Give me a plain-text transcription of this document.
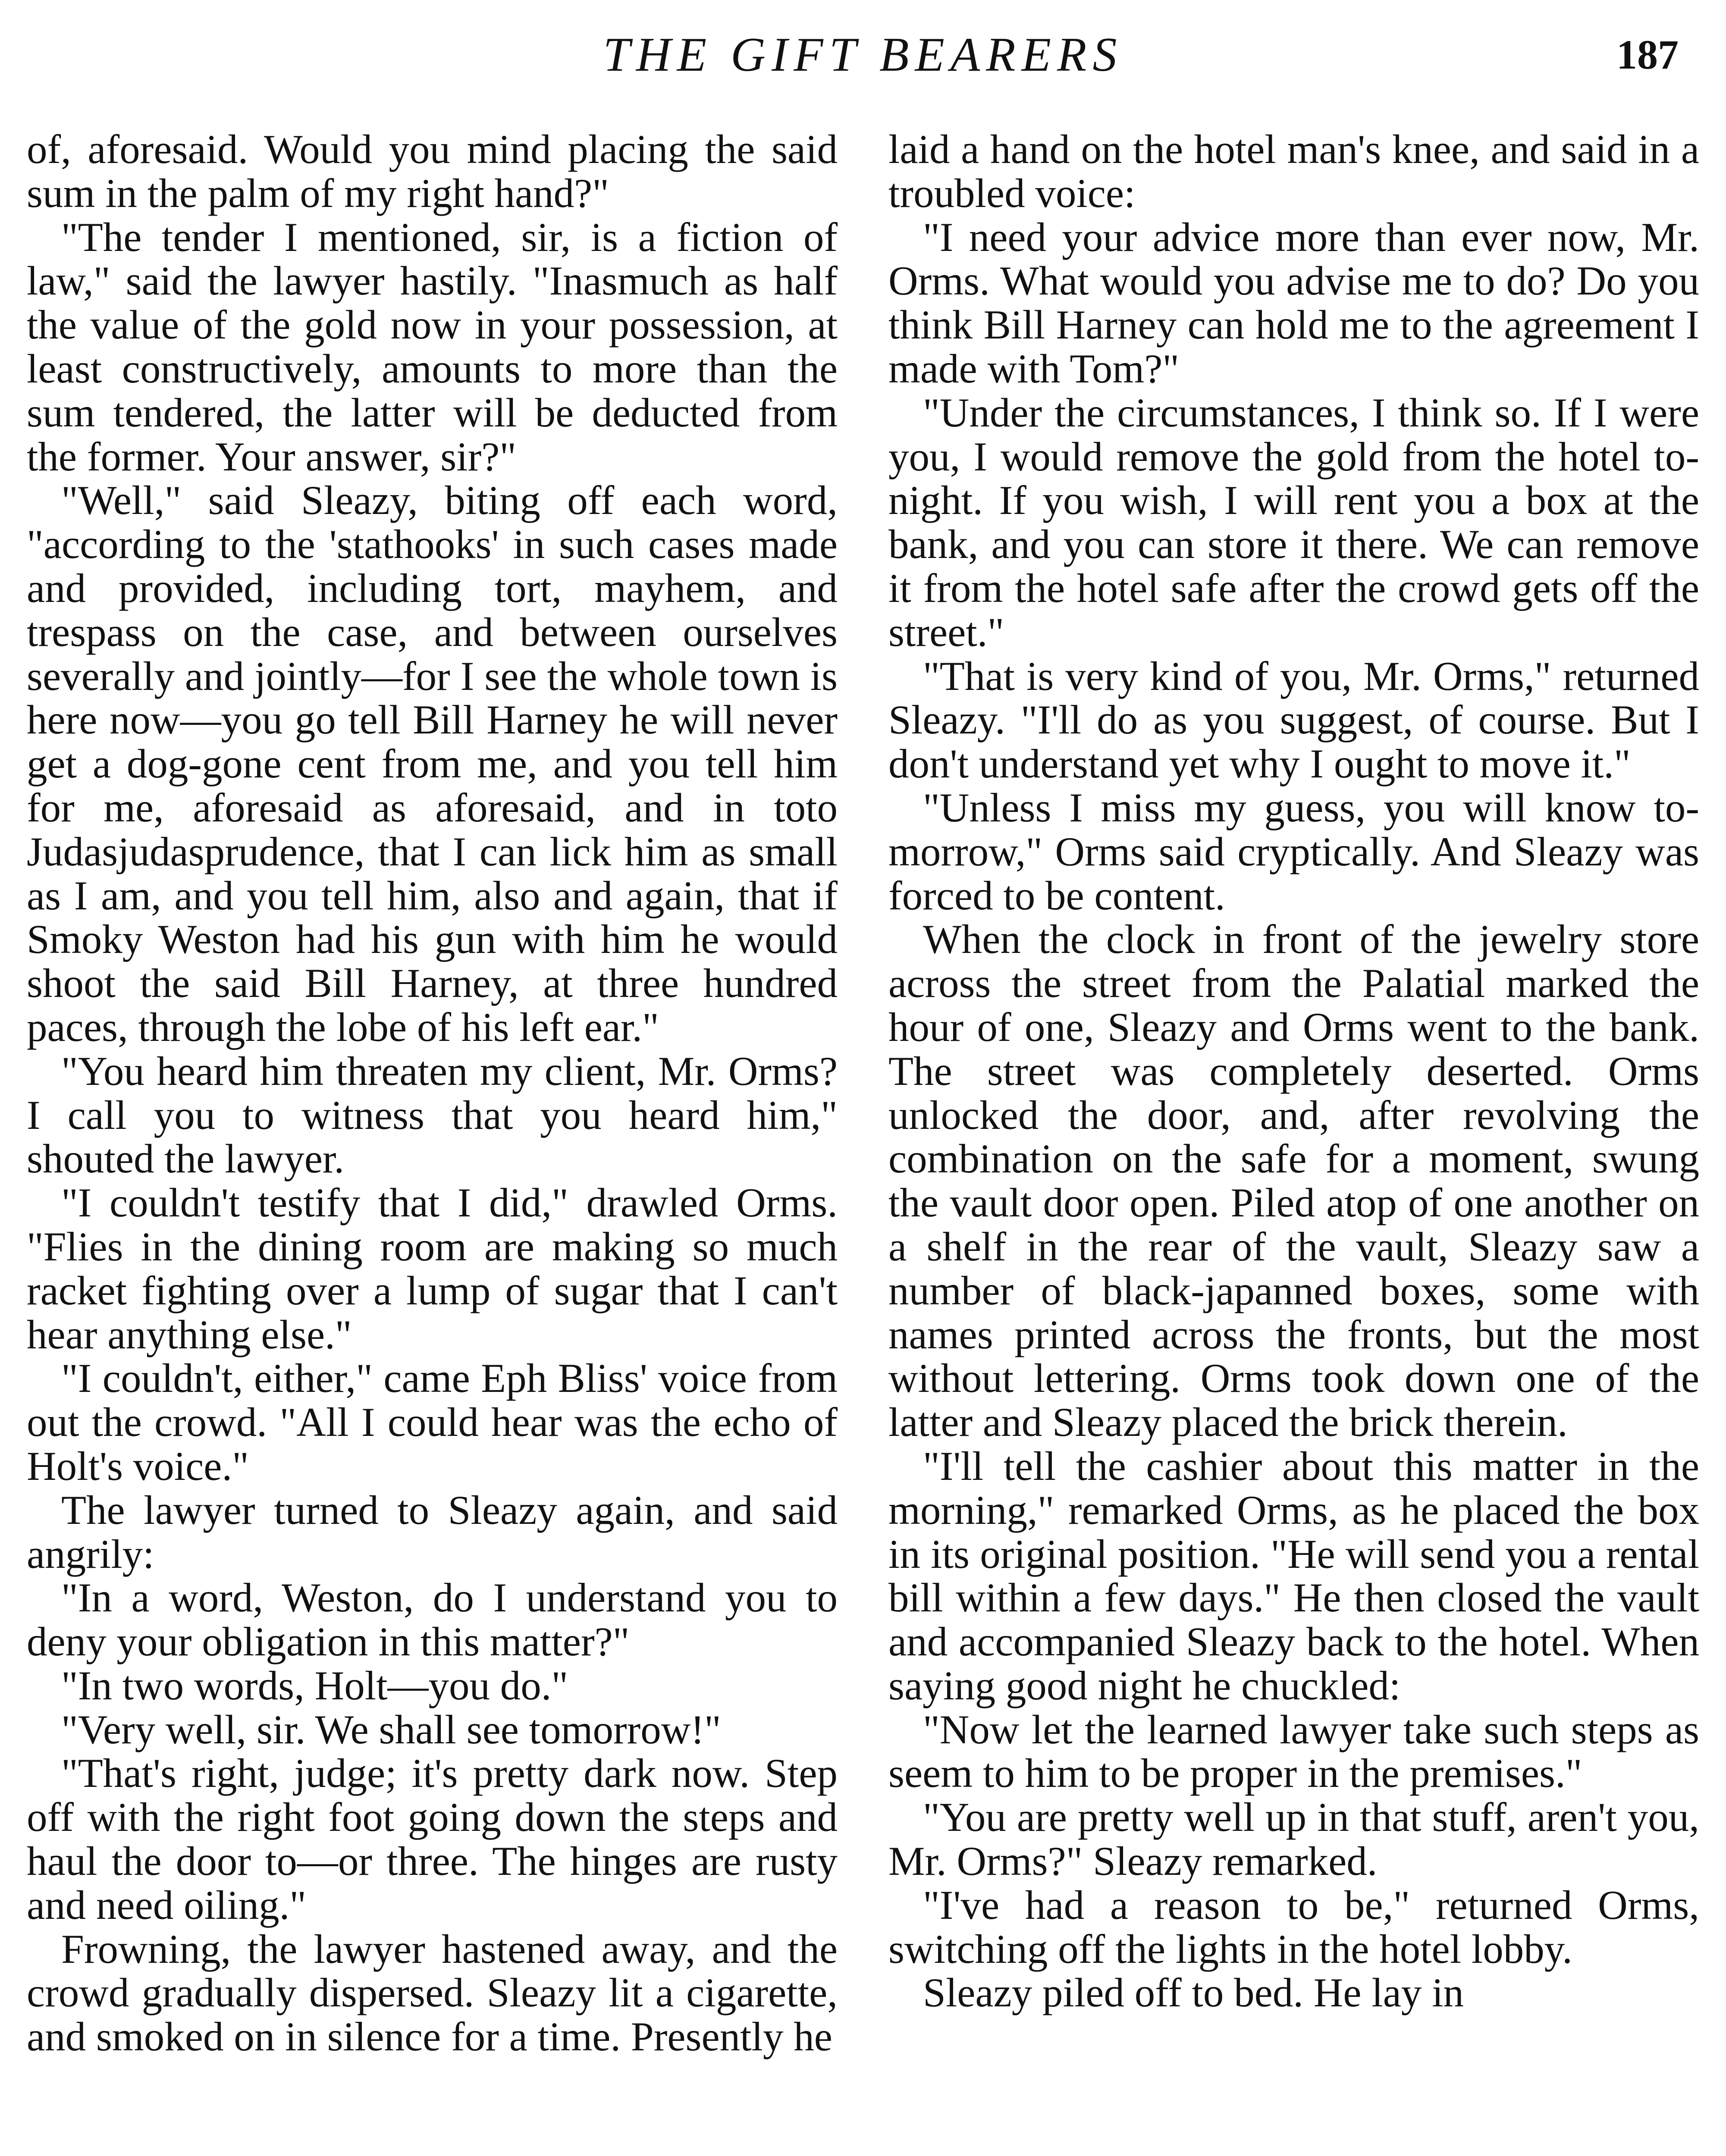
THE GIFT BEARERS	187

of, aforesaid. Would you mind placing the said sum in the palm of my right hand?"

"The tender I mentioned, sir, is a fiction of law," said the lawyer hastily. "Inasmuch as half the value of the gold now in your possession, at least constructively, amounts to more than the sum tendered, the latter will be deducted from the former. Your answer, sir?"

"Well," said Sleazy, biting off each word, "according to the 'stathooks' in such cases made and provided, including tort, mayhem, and trespass on the case, and between ourselves severally and jointly—for I see the whole town is here now—you go tell Bill Harney he will never get a dog-gone cent from me, and you tell him for me, aforesaid as aforesaid, and in toto Judasjudasprudence, that I can lick him as small as I am, and you tell him, also and again, that if Smoky Weston had his gun with him he would shoot the said Bill Harney, at three hundred paces, through the lobe of his left ear."

"You heard him threaten my client, Mr. Orms? I call you to witness that you heard him," shouted the lawyer.

"I couldn't testify that I did," drawled Orms. "Flies in the dining room are making so much racket fighting over a lump of sugar that I can't hear anything else."

"I couldn't, either," came Eph Bliss' voice from out the crowd. "All I could hear was the echo of Holt's voice."

The lawyer turned to Sleazy again, and said angrily:

"In a word, Weston, do I understand you to deny your obligation in this matter?"

"In two words, Holt—you do."

"Very well, sir. We shall see tomorrow!"

"That's right, judge; it's pretty dark now. Step off with the right foot going down the steps and haul the door to—or three. The hinges are rusty and need oiling."

Frowning, the lawyer hastened away, and the crowd gradually dispersed. Sleazy lit a cigarette, and smoked on in silence for a time. Presently he

laid a hand on the hotel man's knee, and said in a troubled voice:

"I need your advice more than ever now, Mr. Orms. What would you advise me to do? Do you think Bill Harney can hold me to the agreement I made with Tom?"

"Under the circumstances, I think so. If I were you, I would remove the gold from the hotel to-night. If you wish, I will rent you a box at the bank, and you can store it there. We can remove it from the hotel safe after the crowd gets off the street."

"That is very kind of you, Mr. Orms," returned Sleazy. "I'll do as you suggest, of course. But I don't understand yet why I ought to move it."

"Unless I miss my guess, you will know to-morrow," Orms said cryptically. And Sleazy was forced to be content.

When the clock in front of the jewelry store across the street from the Palatial marked the hour of one, Sleazy and Orms went to the bank. The street was completely deserted. Orms unlocked the door, and, after revolving the combination on the safe for a moment, swung the vault door open. Piled atop of one another on a shelf in the rear of the vault, Sleazy saw a number of black-japanned boxes, some with names printed across the fronts, but the most without lettering. Orms took down one of the latter and Sleazy placed the brick therein.

"I'll tell the cashier about this matter in the morning," remarked Orms, as he placed the box in its original position. "He will send you a rental bill within a few days." He then closed the vault and accompanied Sleazy back to the hotel. When saying good night he chuckled:

"Now let the learned lawyer take such steps as seem to him to be proper in the premises."

"You are pretty well up in that stuff, aren't you, Mr. Orms?" Sleazy remarked.

"I've had a reason to be," returned Orms, switching off the lights in the hotel lobby.

Sleazy piled off to bed. He lay in
